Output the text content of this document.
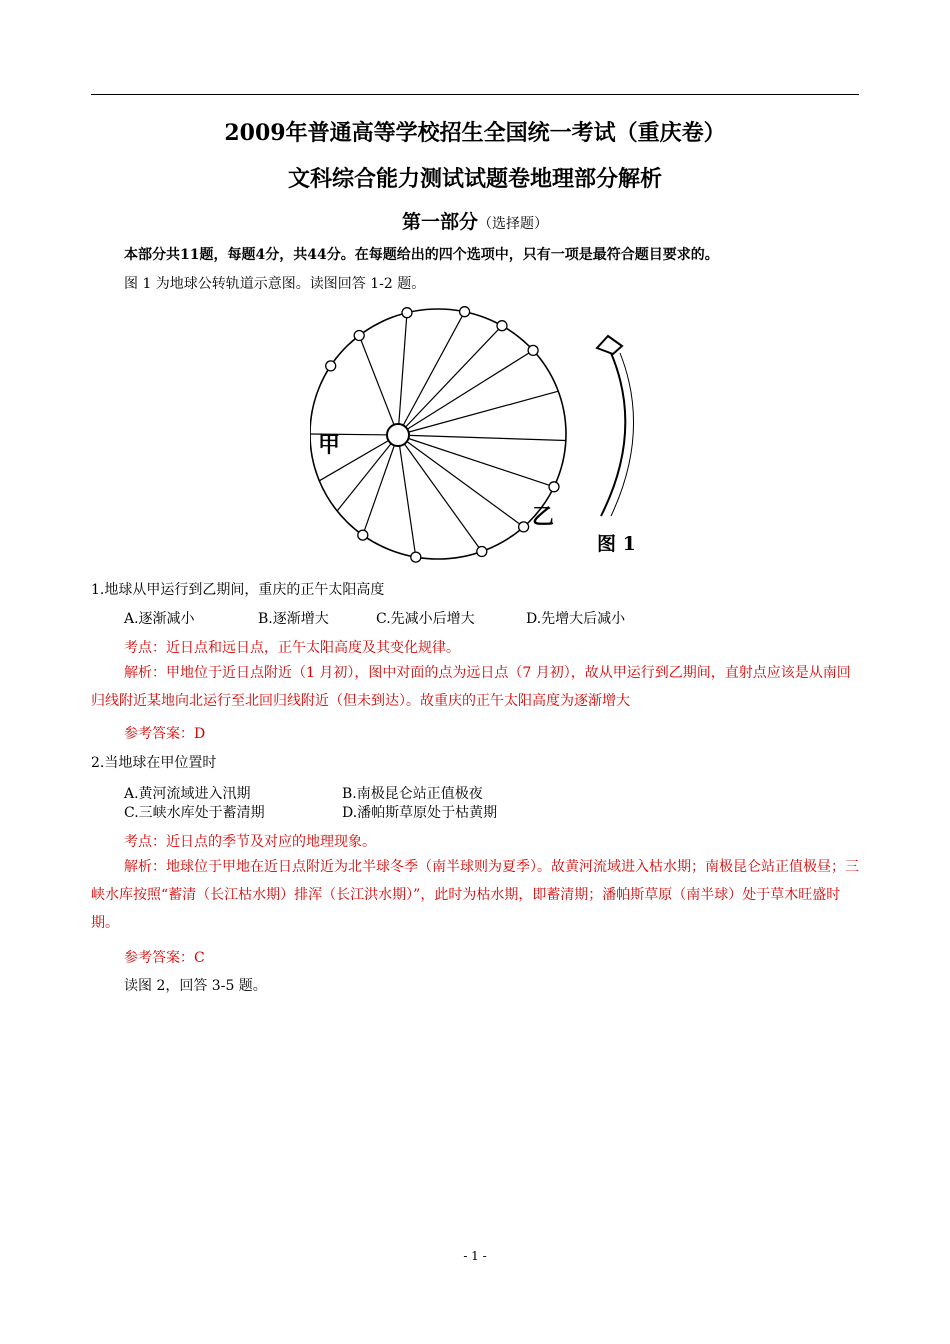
2009年普通高等学校招生全国统一考试（重庆卷）
文科综合能力测试试题卷地理部分解析
第一部分（选择题）
本部分共11题，每题4分，共44分。在每题给出的四个选项中，只有一项是最符合题目要求的。
图 1 为地球公转轨道示意图。读图回答 1-2 题。
甲
乙
图 1
1.地球从甲运行到乙期间，重庆的正午太阳高度
A.逐渐减小	B.逐渐增大	C.先减小后增大	D.先增大后减小
考点：近日点和远日点，正午太阳高度及其变化规律。
解析：甲地位于近日点附近（1 月初），图中对面的点为远日点（7 月初），故从甲运行到乙期间，直射点应该是从南回归线附近某地向北运行至北回归线附近（但未到达）。故重庆的正午太阳高度为逐渐增大
参考答案：D
2.当地球在甲位置时
A.黄河流域进入汛期	B.南极昆仑站正值极夜
C.三峡水库处于蓄清期	D.潘帕斯草原处于枯黄期
考点：近日点的季节及对应的地理现象。
解析：地球位于甲地在近日点附近为北半球冬季（南半球则为夏季）。故黄河流域进入枯水期；南极昆仑站正值极昼；三峡水库按照“蓄清（长江枯水期）排浑（长江洪水期）”，此时为枯水期，即蓄清期；潘帕斯草原（南半球）处于草木旺盛时期。
参考答案：C
读图 2，回答 3-5 题。
- 1 -
